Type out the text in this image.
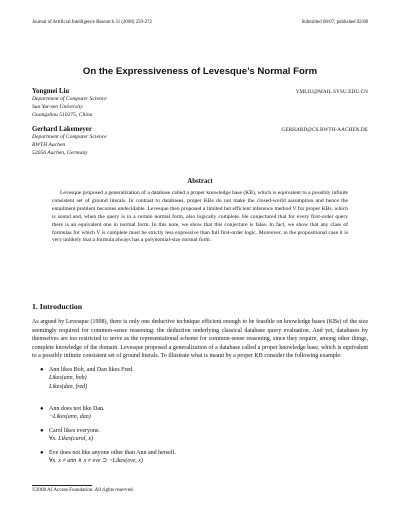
Journal of Artificial Intelligence Research 31 (2008) 259-272	Submitted 08/07; published 02/08
On the Expressiveness of Levesque’s Normal Form
Yongmei Liu	YMLIU@MAIL.SYSU.EDU.CN
Department of Computer Science
Sun Yat-sen University
Guangzhou 510275, China
Gerhard Lakemeyer	GERHARD@CS.RWTH-AACHEN.DE
Department of Computer Science
RWTH Aachen
52056 Aachen, Germany
Abstract
Levesque proposed a generalization of a database called a proper knowledge base (KB), which is equivalent to a possibly infinite consistent set of ground literals. In contrast to databases, proper KBs do not make the closed-world assumption and hence the entailment problem becomes undecidable. Levesque then proposed a limited but efficient inference method V for proper KBs, which is sound and, when the query is in a certain normal form, also logically complete. He conjectured that for every first-order query there is an equivalent one in normal form. In this note, we show that this conjecture is false. In fact, we show that any class of formulas for which V is complete must be strictly less expressive than full first-order logic. Moreover, in the propositional case it is very unlikely that a formula always has a polynomial-size normal form.
1. Introduction
As argued by Levesque (1998), there is only one deductive technique efficient enough to be feasible on knowledge bases (KBs) of the size seemingly required for common-sense reasoning: the deduction underlying classical database query evaluation. And yet, databases by themselves are too restricted to serve as the representational scheme for common-sense reasoning, since they require, among other things, complete knowledge of the domain. Levesque proposed a generalization of a database called a proper knowledge base, which is equivalent to a possibly infinite consistent set of ground literals. To illustrate what is meant by a proper KB consider the following example:
● Ann likes Bob, and Dan likes Fred.
Likes(ann, bob)
Likes(dan, fred)
● Ann does not like Dan.
¬Likes(ann, dan)
● Carol likes everyone.
∀x. Likes(carol, x)
● Eve does not like anyone other than Ann and herself.
∀x. x ≠ ann ∧ x ≠ eve ⊃ ¬Likes(eve, x)
©2008 AI Access Foundation. All rights reserved.
